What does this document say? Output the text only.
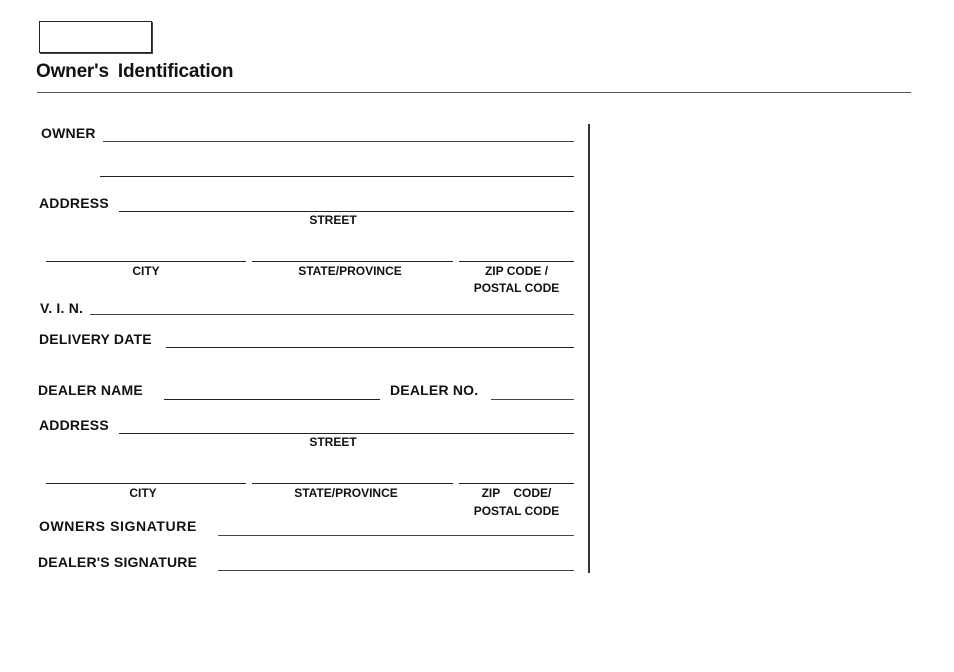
Owner's Identification
OWNER
ADDRESS
STREET
CITY	STATE/PROVINCE	ZIP CODE /
POSTAL CODE
V. I. N.
DELIVERY DATE
DEALER NAME	DEALER NO.
ADDRESS
STREET
CITY	STATE/PROVINCE	ZIP CODE/
POSTAL CODE
OWNERS SIGNATURE
DEALER'S SIGNATURE
